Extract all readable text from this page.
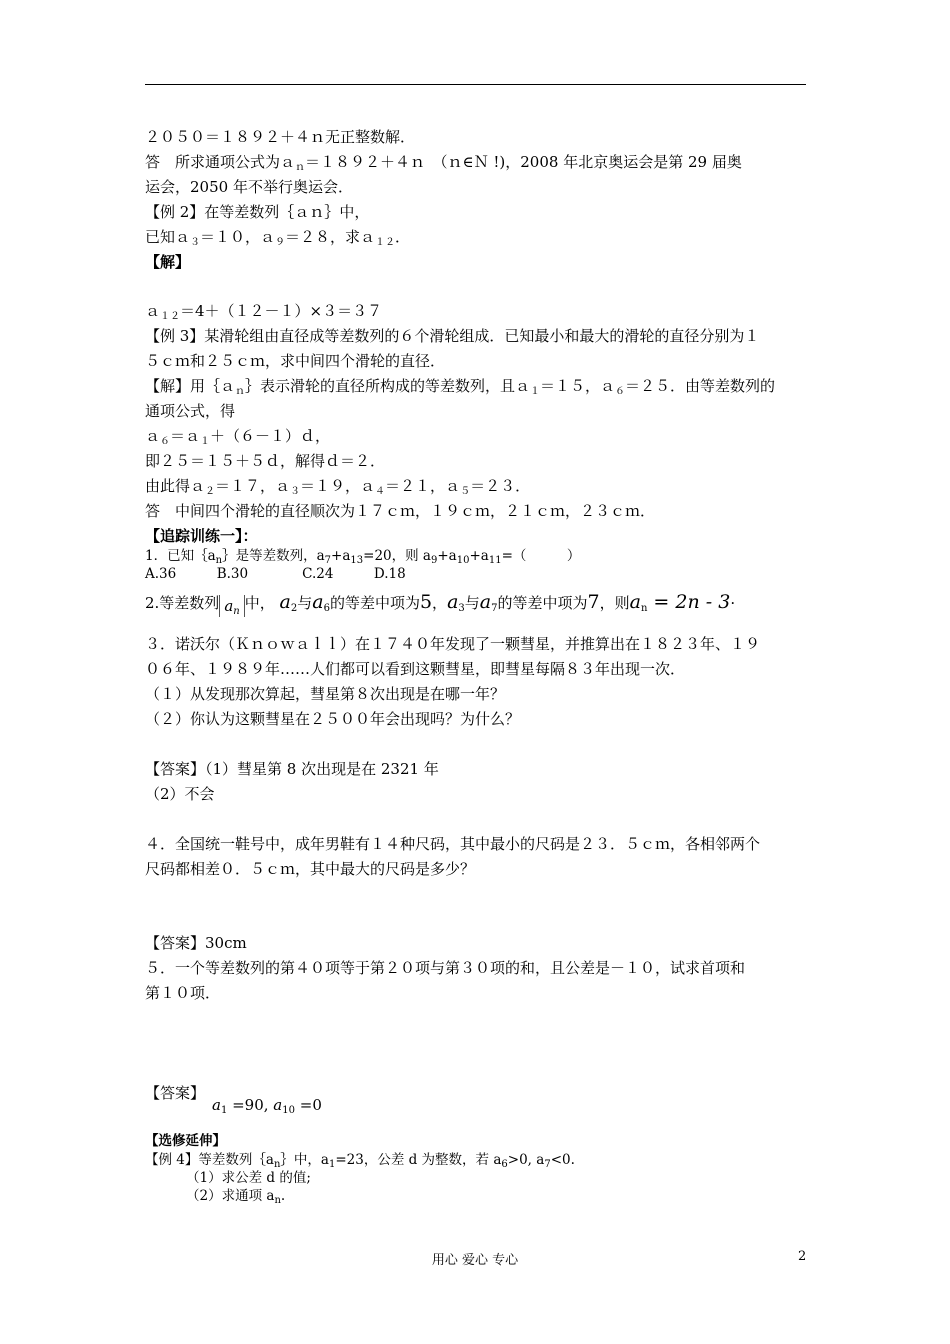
２０５０＝１８９２＋４ｎ无正整数解．
答　所求通项公式为ａ$_n$＝１８９２＋４ｎ　（ｎ∈Ｎ !)，2008 年北京奥运会是第 29 届奥
运会，2050 年不举行奥运会．
【例 2】在等差数列｛ａｎ｝中，
已知ａ$_3$＝１０，ａ$_9$＝２８，求ａ$_{12}$．
【解】
ａ$_{12}$＝4＋（１２－１）×３＝３７
【例 3】某滑轮组由直径成等差数列的６个滑轮组成．已知最小和最大的滑轮的直径分别为１
５ｃｍ和２５ｃｍ，求中间四个滑轮的直径．
【解】用｛ａ$_n$｝表示滑轮的直径所构成的等差数列，且ａ$_1$＝１５，ａ$_6$＝２５．由等差数列的
通项公式，得
ａ$_6$＝ａ$_1$＋（６－１）ｄ，
即２５＝１５＋５ｄ，解得ｄ＝２．
由此得ａ$_2$＝１７，ａ$_3$＝１９，ａ$_4$＝２１，ａ$_5$＝２３．
答　中间四个滑轮的直径顺次为１７ｃｍ，１９ｃｍ，２１ｃｍ，２３ｃｍ．
【追踪训练一】：
1．已知$\{a_n\}$是等差数列，$a_7+a_{13}=20$，则 $a_9+a_{10}+a_{11}=$（　　　）
A.36　　　B.30　　　　C.24　　　D.18
2.等差数列 $a_n$ 中， $a_2$与$a_6$的等差中项为5，$a_3$与$a_7$的等差中项为7，则$a_n = 2n - 3\cdot$
３．诺沃尔（Ｋｎｏｗａｌｌ）在１７４０年发现了一颗彗星，并推算出在１８２３年、１９
０６年、１９８９年……人们都可以看到这颗彗星，即彗星每隔８３年出现一次．
（１）从发现那次算起，彗星第８次出现是在哪一年？
（２）你认为这颗彗星在２５００年会出现吗？为什么？
【答案】（1）彗星第 8 次出现是在 2321 年
（2）不会
４．全国统一鞋号中，成年男鞋有１４种尺码，其中最小的尺码是２３．５ｃｍ，各相邻两个
尺码都相差０．５ｃｍ，其中最大的尺码是多少？
【答案】30cm
５．一个等差数列的第４０项等于第２０项与第３０项的和，且公差是－１０，试求首项和
第１０项．
【答案】
$a_1 =90$, $a_{10} =0$
【选修延伸】
【例 4】等差数列$\{a_n\}$中，$a_1=23$，公差 d 为整数，若 $a_6>0$, $a_7<0$.
（1）求公差 d 的值;
（2）求通项 $a_n$.
用心 爱心 专心	2
